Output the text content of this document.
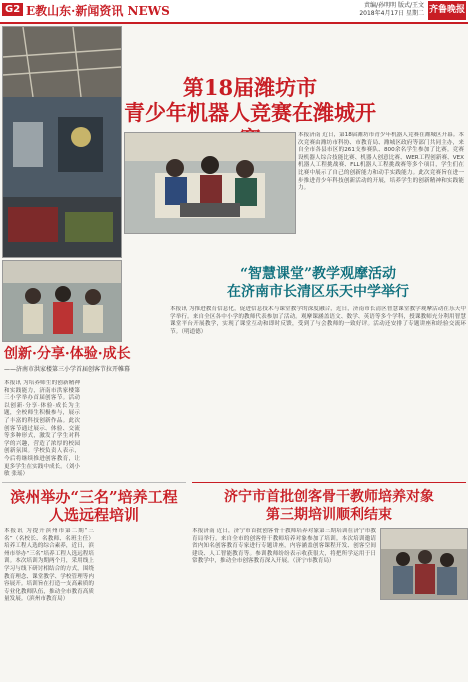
G2 E教山东·新闻资讯 NEWS	责编/孙明明 版式/王文
2018年4月17日 星期二 齐鲁晚报
第18届潍坊市
青少年机器人竞赛在潍城开
本报济南 近日，第18届潍坊市青少年机器人竞赛在潍城区开幕。本次竞赛由潍坊市科协、市教育局、潍城区政府等部门共同主办，来自全市各县市区的261支参赛队、800余名学生参加了比赛。竞赛设机器人综合技能比赛、机器人创意比赛、WER工程创新赛、VEX机器人工程挑战赛、FLL机器人工程挑战赛等多个项目，学生们在比赛中展示了自己的创新能力和动手实践能力。此次竞赛旨在进一步推进青少年科技创新活动的开展，培养学生的创新精神和实践能力。
创新·分享·体验·成长
——济南市洪家楼第三小学首届创客节拉开帷幕
本报讯 为培养师生的创新精神和实践能力，济南市洪家楼第三小学举办首届创客节。活动以创新·分享·体验·成长为主题，全校师生积极参与，展示了丰富的科技创新作品。此次创客节通过展示、体验、交流等多种形式，激发了学生对科学的兴趣，营造了浓厚的校园创新氛围。学校负责人表示，今后将继续推进创客教育，让更多学生在实践中成长。（刘小敏 张瑶）
“智慧课堂”教学观摩活动
在济南市长清区乐天中学举行
本报讯 为推进教育信息化，促进信息技术与课堂教学的深度融合，近日，济南市长清区智慧课堂教学观摩活动在乐天中学举行。来自全区各中小学的教师代表参加了活动。观摩课涵盖语文、数学、英语等多个学科，授课教师充分利用智慧课堂平台开展教学，实现了课堂互动和即时反馈，受到了与会教师的一致好评。活动还安排了专题讲座和经验交流环节。（明道德）
滨州举办“三名”培养工程
人选远程培训
本报讯 为提升滨州市第二期“三名”（名校长、名教师、名班主任）培养工程人选的综合素养，近日，滨州市举办“三名”培养工程人选远程培训。本次培训为期两个月，采用线上学习与线下研讨相结合的方式，围绕教育理念、课堂教学、学校管理等内容展开。培训旨在打造一支高素质的专业化教师队伍，推动全市教育高质量发展。（滨州市教育局）
济宁市首批创客骨干教师培养对象
第三期培训顺利结束
本报济南 近日，济宁市首批创客骨干教师培养对象第三期培训在济宁市教育局举行。来自全市的创客骨干教师培养对象参加了培训。本次培训邀请省内知名创客教育专家进行专题讲座，内容涵盖创客课程开发、创客空间建设、人工智能教育等。参训教师纷纷表示收获很大，将把所学运用于日常教学中，推动全市创客教育深入开展。（济宁市教育局）
